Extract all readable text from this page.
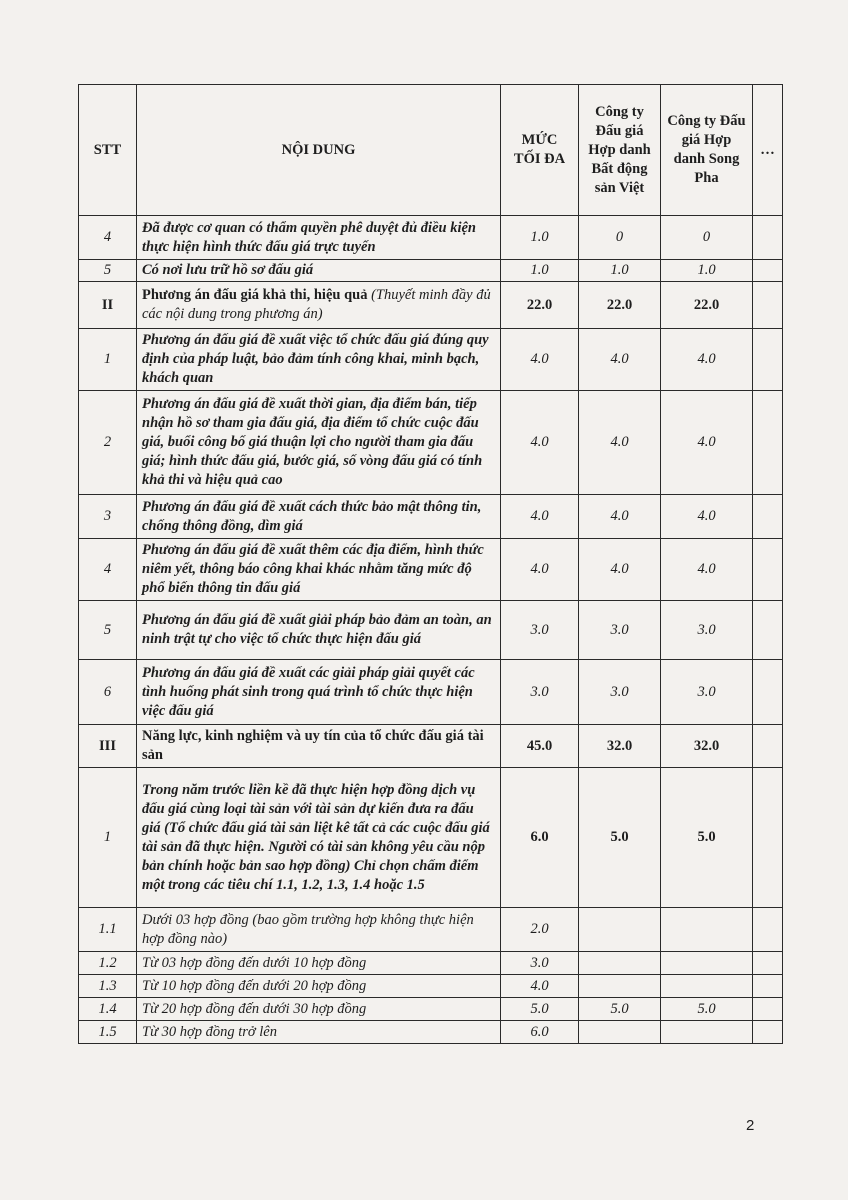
STT	NỘI DUNG	MỨC TỐI ĐA	Công ty Đấu giá Hợp danh Bất động sản Việt	Công ty Đấu giá Hợp danh Song Pha	…
4	Đã được cơ quan có thẩm quyền phê duyệt đủ điều kiện thực hiện hình thức đấu giá trực tuyến	1.0	0	0	
5	Có nơi lưu trữ hồ sơ đấu giá	1.0	1.0	1.0	
II	Phương án đấu giá khả thi, hiệu quả (Thuyết minh đầy đủ các nội dung trong phương án)	22.0	22.0	22.0	
1	Phương án đấu giá đề xuất việc tổ chức đấu giá đúng quy định của pháp luật, bảo đảm tính công khai, minh bạch, khách quan	4.0	4.0	4.0	
2	Phương án đấu giá đề xuất thời gian, địa điểm bán, tiếp nhận hồ sơ tham gia đấu giá, địa điểm tổ chức cuộc đấu giá, buổi công bố giá thuận lợi cho người tham gia đấu giá; hình thức đấu giá, bước giá, số vòng đấu giá có tính khả thi và hiệu quả cao	4.0	4.0	4.0	
3	Phương án đấu giá đề xuất cách thức bảo mật thông tin, chống thông đồng, dìm giá	4.0	4.0	4.0	
4	Phương án đấu giá đề xuất thêm các địa điểm, hình thức niêm yết, thông báo công khai khác nhằm tăng mức độ phổ biến thông tin đấu giá	4.0	4.0	4.0	
5	Phương án đấu giá đề xuất giải pháp bảo đảm an toàn, an ninh trật tự cho việc tổ chức thực hiện đấu giá	3.0	3.0	3.0	
6	Phương án đấu giá đề xuất các giải pháp giải quyết các tình huống phát sinh trong quá trình tổ chức thực hiện việc đấu giá	3.0	3.0	3.0	
III	Năng lực, kinh nghiệm và uy tín của tổ chức đấu giá tài sản	45.0	32.0	32.0	
1	Trong năm trước liền kề đã thực hiện hợp đồng dịch vụ đấu giá cùng loại tài sản với tài sản dự kiến đưa ra đấu giá (Tổ chức đấu giá tài sản liệt kê tất cả các cuộc đấu giá tài sản đã thực hiện. Người có tài sản không yêu cầu nộp bản chính hoặc bản sao hợp đồng) Chỉ chọn chấm điểm một trong các tiêu chí 1.1, 1.2, 1.3, 1.4 hoặc 1.5	6.0	5.0	5.0	
1.1	Dưới 03 hợp đồng (bao gồm trường hợp không thực hiện hợp đồng nào)	2.0			
1.2	Từ 03 hợp đồng đến dưới 10 hợp đồng	3.0			
1.3	Từ 10 hợp đồng đến dưới 20 hợp đồng	4.0			
1.4	Từ 20 hợp đồng đến dưới 30 hợp đồng	5.0	5.0	5.0	
1.5	Từ 30 hợp đồng trở lên	6.0			
2
